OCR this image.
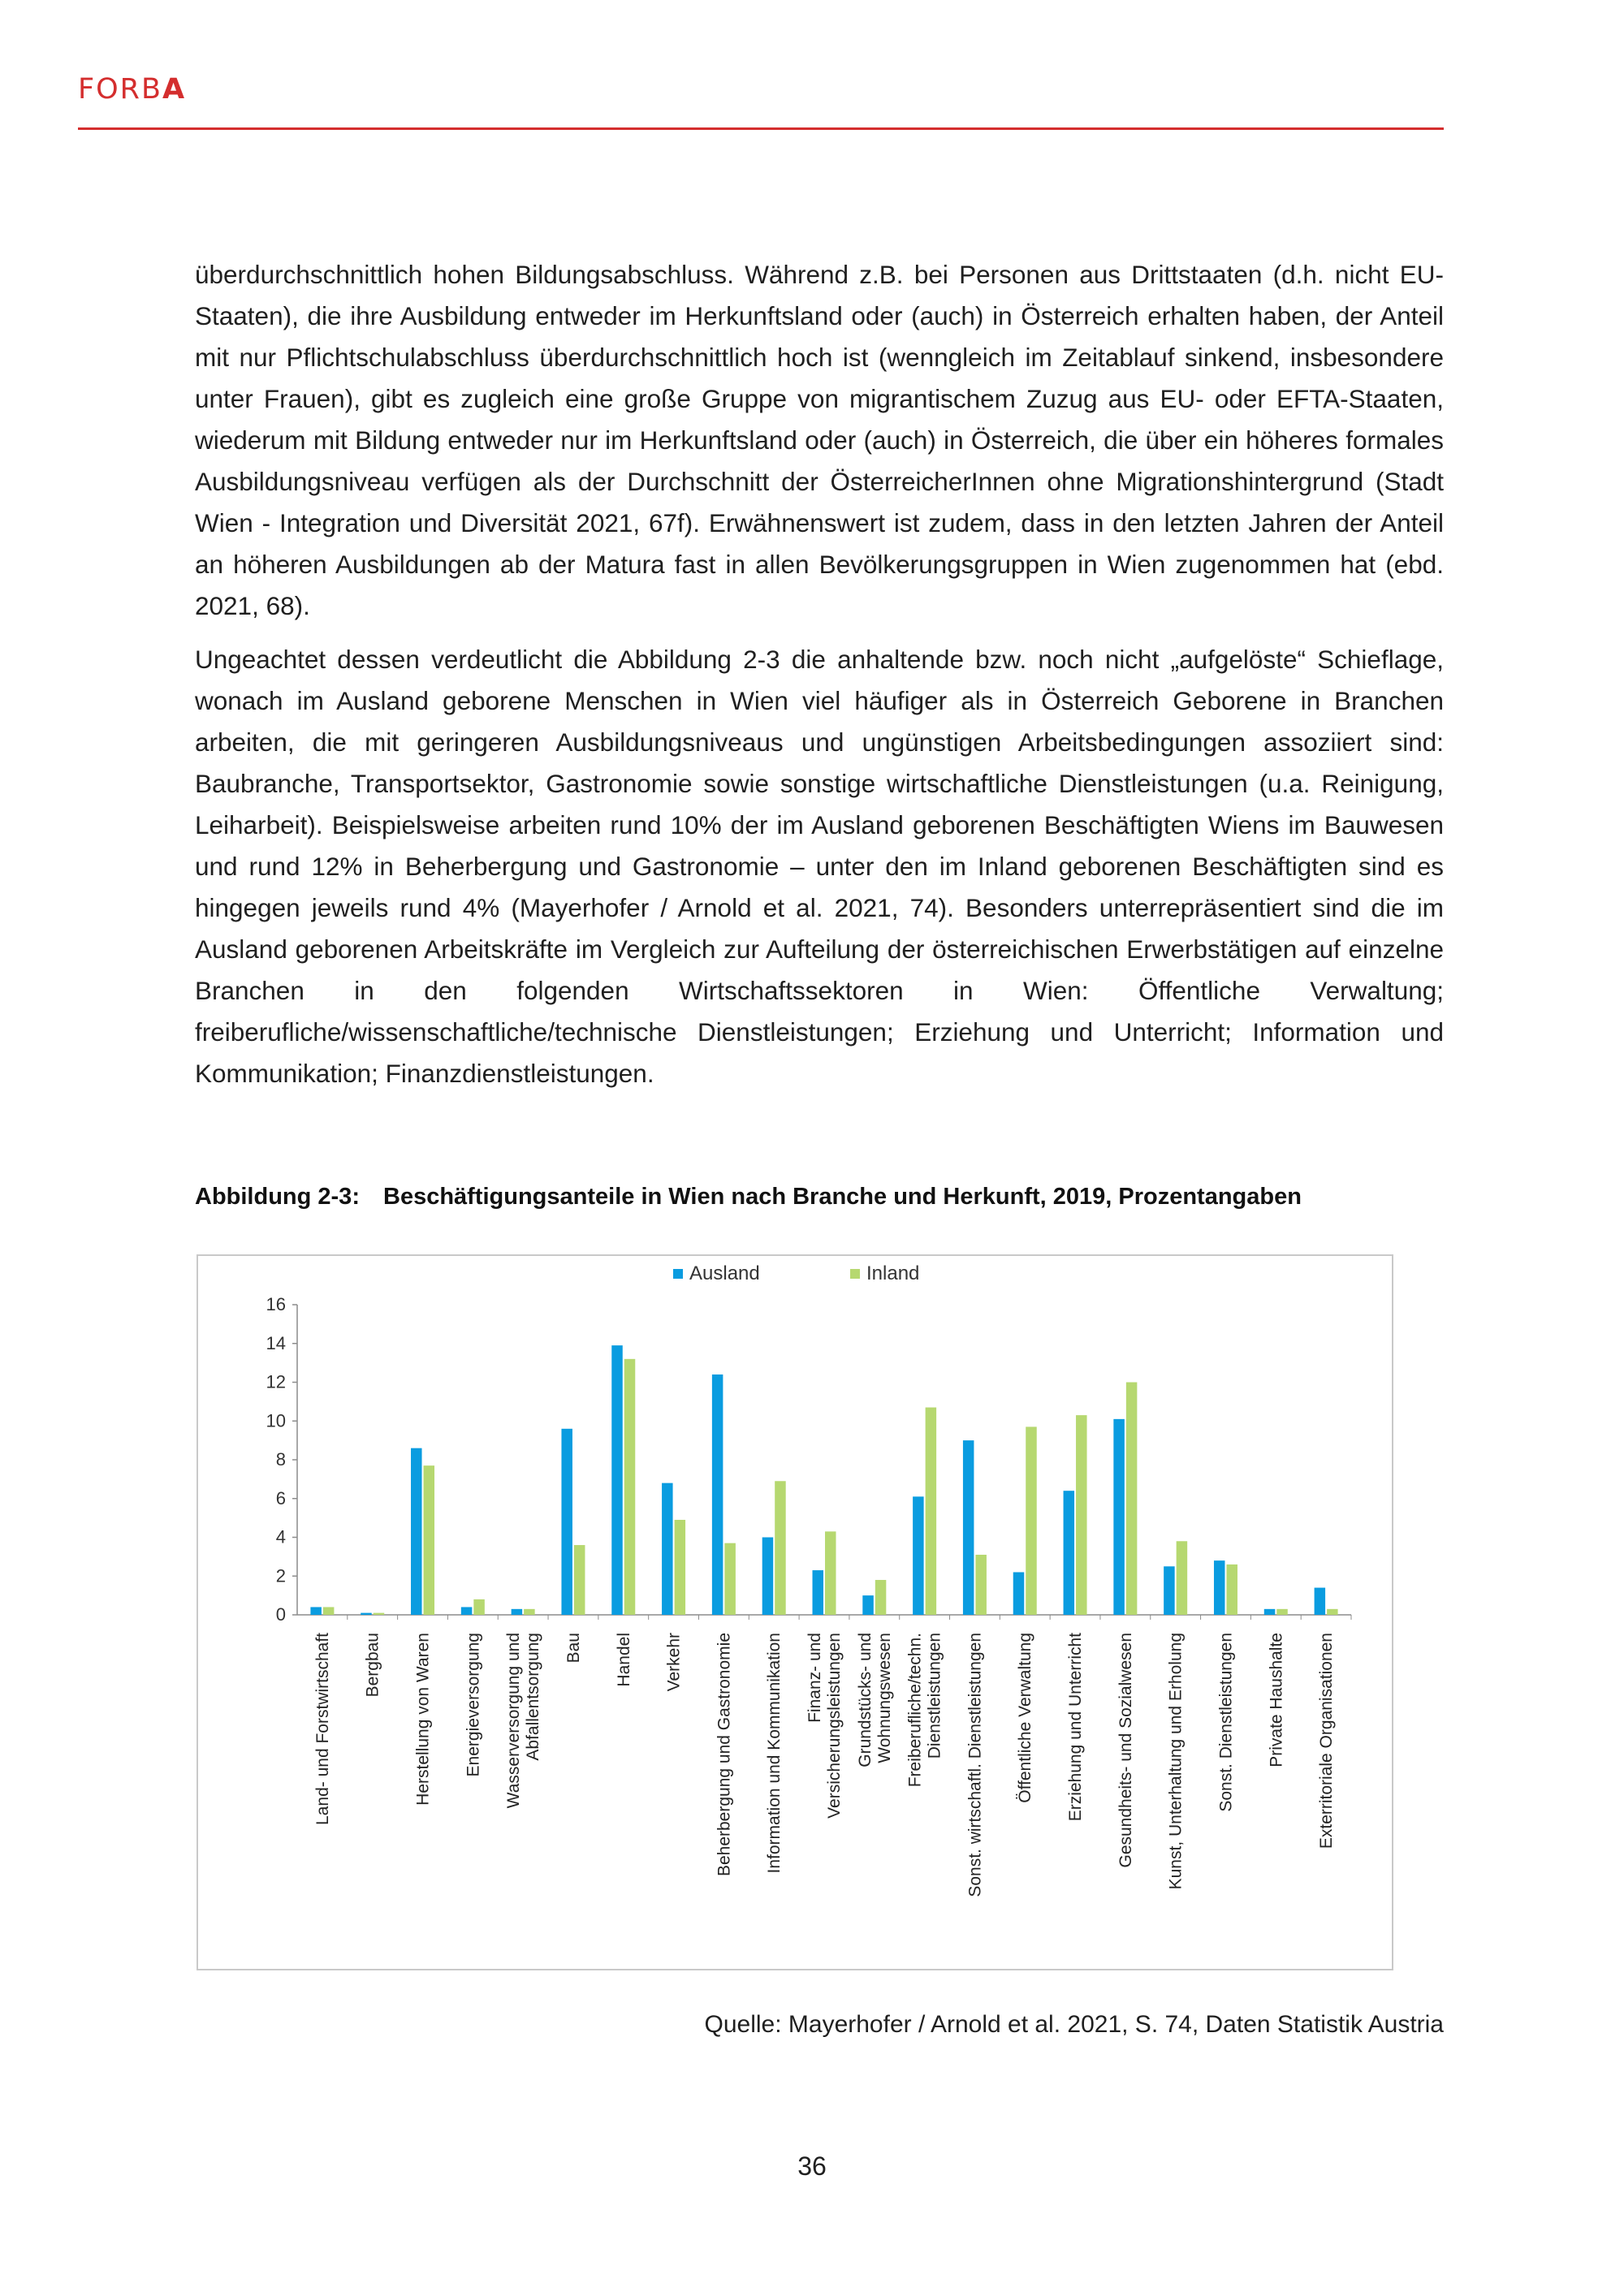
FORBA

überdurchschnittlich hohen Bildungsabschluss. Während z.B. bei Personen aus Drittstaaten (d.h. nicht EU-Staaten), die ihre Ausbildung entweder im Herkunftsland oder (auch) in Österreich erhalten haben, der Anteil mit nur Pflichtschulabschluss überdurchschnittlich hoch ist (wenngleich im Zeitablauf sinkend, insbesondere unter Frauen), gibt es zugleich eine große Gruppe von migrantischem Zuzug aus EU- oder EFTA-Staaten, wiederum mit Bildung entweder nur im Herkunftsland oder (auch) in Österreich, die über ein höheres formales Ausbildungsniveau verfügen als der Durchschnitt der ÖsterreicherInnen ohne Migrationshintergrund (Stadt Wien - Integration und Diversität 2021, 67f). Erwähnenswert ist zudem, dass in den letzten Jahren der Anteil an höheren Ausbildungen ab der Matura fast in allen Bevölkerungsgruppen in Wien zugenommen hat (ebd. 2021, 68).

Ungeachtet dessen verdeutlicht die Abbildung 2-3 die anhaltende bzw. noch nicht „aufgelöste“ Schieflage, wonach im Ausland geborene Menschen in Wien viel häufiger als in Österreich Geborene in Branchen arbeiten, die mit geringeren Ausbildungsniveaus und ungünstigen Arbeitsbedingungen assoziiert sind: Baubranche, Transportsektor, Gastronomie sowie sonstige wirtschaftliche Dienstleistungen (u.a. Reinigung, Leiharbeit). Beispielsweise arbeiten rund 10% der im Ausland geborenen Beschäftigten Wiens im Bauwesen und rund 12% in Beherbergung und Gastronomie – unter den im Inland geborenen Beschäftigten sind es hingegen jeweils rund 4% (Mayerhofer / Arnold et al. 2021, 74). Besonders unterrepräsentiert sind die im Ausland geborenen Arbeitskräfte im Vergleich zur Aufteilung der österreichischen Erwerbstätigen auf einzelne Branchen in den folgenden Wirtschaftssektoren in Wien: Öffentliche Verwaltung; freiberufliche/wissenschaftliche/technische Dienstleistungen; Erziehung und Unterricht; Information und Kommunikation; Finanzdienstleistungen.

Abbildung 2-3: Beschäftigungsanteile in Wien nach Branche und Herkunft, 2019, Prozentangaben
Ausland	Inland
0
2
4
6
8
10
12
14
16
Land- und Forstwirtschaft Bergbau Herstellung von Waren Energieversorgung Wasserversorgung und Abfallentsorgung Bau Handel Verkehr Beherbergung und Gastronomie Information und Kommunikation Finanz- und Versicherungsleistungen Grundstücks- und Wohnungswesen Freiberufliche/techn. Dienstleistungen Sonst. wirtschaftl. Dienstleistungen Öffentliche Verwaltung Erziehung und Unterricht Gesundheits- und Sozialwesen Kunst, Unterhaltung und Erholung Sonst. Dienstleistungen Private Haushalte Exterritoriale Organisationen
Quelle: Mayerhofer / Arnold et al. 2021, S. 74, Daten Statistik Austria
36
